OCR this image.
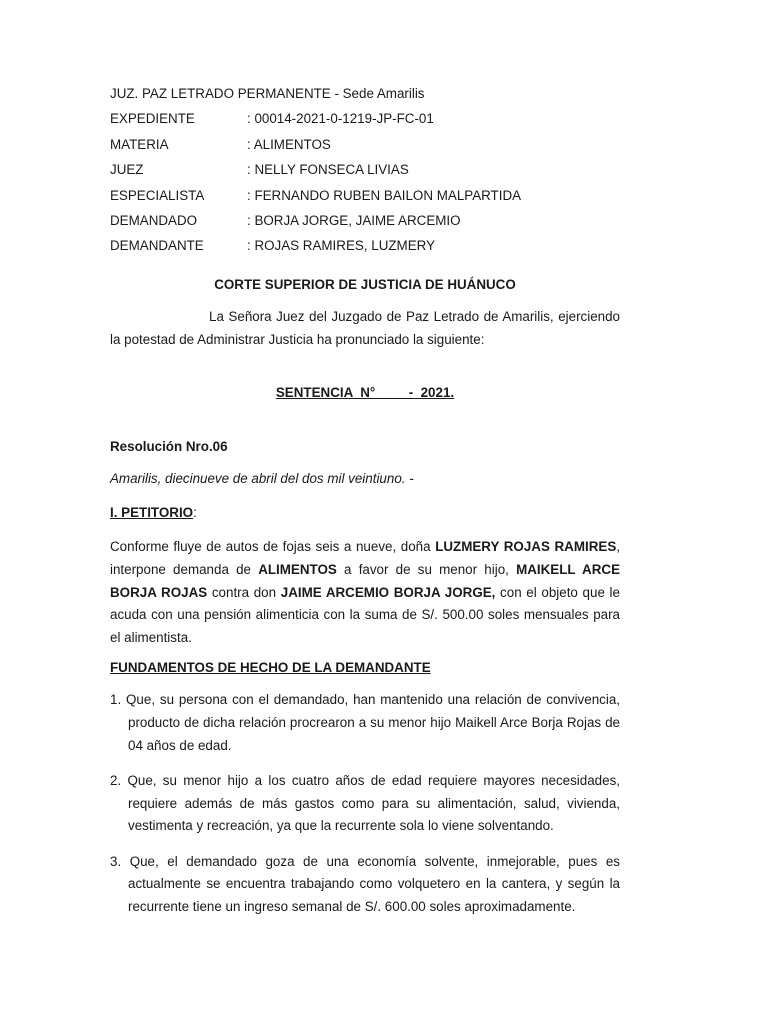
JUZ. PAZ LETRADO PERMANENTE - Sede Amarilis
EXPEDIENTE	: 00014-2021-0-1219-JP-FC-01
MATERIA	: ALIMENTOS
JUEZ	: NELLY FONSECA LIVIAS
ESPECIALISTA	: FERNANDO RUBEN BAILON MALPARTIDA
DEMANDADO	: BORJA JORGE, JAIME ARCEMIO
DEMANDANTE	: ROJAS RAMIRES, LUZMERY
CORTE SUPERIOR DE JUSTICIA DE HUÁNUCO

La Señora Juez del Juzgado de Paz Letrado de Amarilis, ejerciendo la potestad de Administrar Justicia ha pronunciado la siguiente:

SENTENCIA  N°         -  2021.
Resolución Nro.06
Amarilis, diecinueve de abril del dos mil veintiuno. -
I. PETITORIO:

Conforme fluye de autos de fojas seis a nueve, doña LUZMERY ROJAS RAMIRES, interpone demanda de ALIMENTOS a favor de su menor hijo, MAIKELL ARCE BORJA ROJAS contra don JAIME ARCEMIO BORJA JORGE, con el objeto que le acuda con una pensión alimenticia con la suma de S/. 500.00 soles mensuales para el alimentista.

FUNDAMENTOS DE HECHO DE LA DEMANDANTE

1. Que, su persona con el demandado, han mantenido una relación de convivencia, producto de dicha relación procrearon a su menor hijo Maikell Arce Borja Rojas de 04 años de edad.

2. Que, su menor hijo a los cuatro años de edad requiere mayores necesidades, requiere además de más gastos como para su alimentación, salud, vivienda, vestimenta y recreación, ya que la recurrente sola lo viene solventando.

3. Que, el demandado goza de una economía solvente, inmejorable, pues es actualmente se encuentra trabajando como volquetero en la cantera, y según la recurrente tiene un ingreso semanal de S/. 600.00 soles aproximadamente.
